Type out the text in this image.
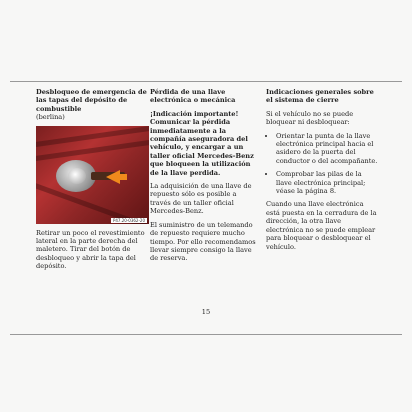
Desbloqueo de emergencia de las tapas del depósito de combustible
(berlina)
P47.20-0362-20
Retirar un poco el revestimiento lateral en la parte derecha del maletero. Tirar del botón de desbloqueo y abrir la tapa del depósito.
Pérdida de una llave electrónica o mecánica
¡Indicación importante!
Comunicar la pérdida inmediatamente a la compañía aseguradora del vehículo, y encargar a un taller oficial Mercedes-Benz que bloqueen la utilización de la llave perdida.
La adquisición de una llave de repuesto sólo es posible a través de un taller oficial Mercedes-Benz.
El suministro de un telemando de repuesto requiere mucho tiempo. Por ello recomendamos llevar siempre consigo la llave de reserva.
Indicaciones generales sobre el sistema de cierre
Si el vehículo no se puede bloquear ni desbloquear:
• Orientar la punta de la llave electrónica principal hacia el asidero de la puerta del conductor o del acompañante.
• Comprobar las pilas de la llave electrónica principal; véase la página 8.
Cuando una llave electrónica está puesta en la cerradura de la dirección, la otra llave electrónica no se puede emplear para bloquear o desbloquear el vehículo.
15
